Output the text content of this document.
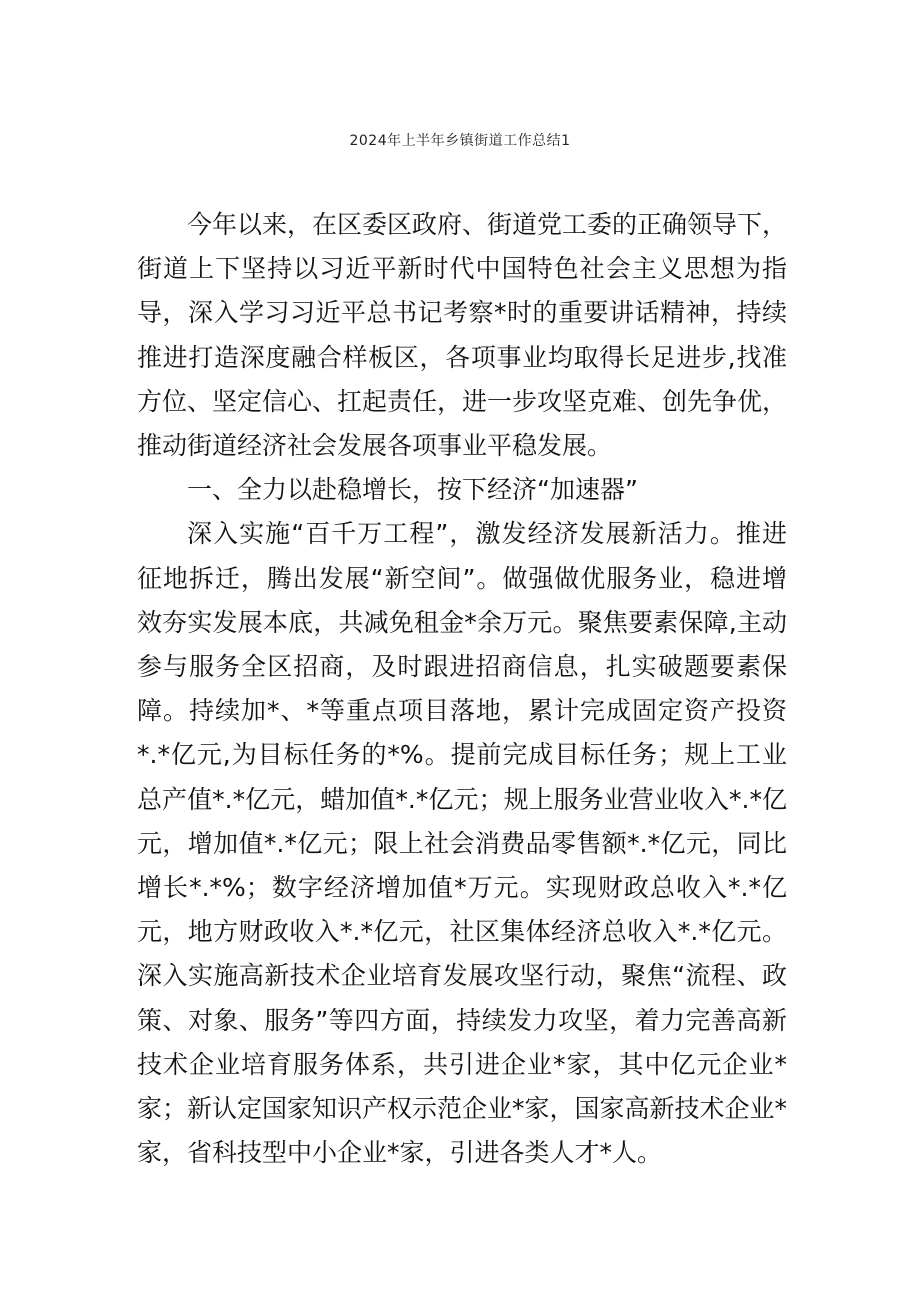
2024年上半年乡镇街道工作总结1

今年以来，在区委区政府、街道党工委的正确领导下，街道上下坚持以习近平新时代中国特色社会主义思想为指导，深入学习习近平总书记考察*时的重要讲话精神，持续推进打造深度融合样板区，各项事业均取得长足进步,找准方位、坚定信心、扛起责任，进一步攻坚克难、创先争优，推动街道经济社会发展各项事业平稳发展。

一、全力以赴稳增长，按下经济“加速器”

深入实施“百千万工程”，激发经济发展新活力。推进征地拆迁，腾出发展“新空间”。做强做优服务业，稳进增效夯实发展本底，共减免租金*余万元。聚焦要素保障,主动参与服务全区招商，及时跟进招商信息，扎实破题要素保障。持续加*、*等重点项目落地，累计完成固定资产投资*.*亿元,为目标任务的*%。提前完成目标任务；规上工业总产值*.*亿元，蜡加值*.*亿元；规上服务业营业收入*.*亿元，增加值*.*亿元；限上社会消费品零售额*.*亿元，同比增长*.*%；数字经济增加值*万元。实现财政总收入*.*亿元，地方财政收入*.*亿元，社区集体经济总收入*.*亿元。深入实施高新技术企业培育发展攻坚行动，聚焦“流程、政策、对象、服务”等四方面，持续发力攻坚，着力完善高新技术企业培育服务体系，共引进企业*家，其中亿元企业*家；新认定国家知识产权示范企业*家，国家高新技术企业*家，省科技型中小企业*家，引进各类人才*人。
